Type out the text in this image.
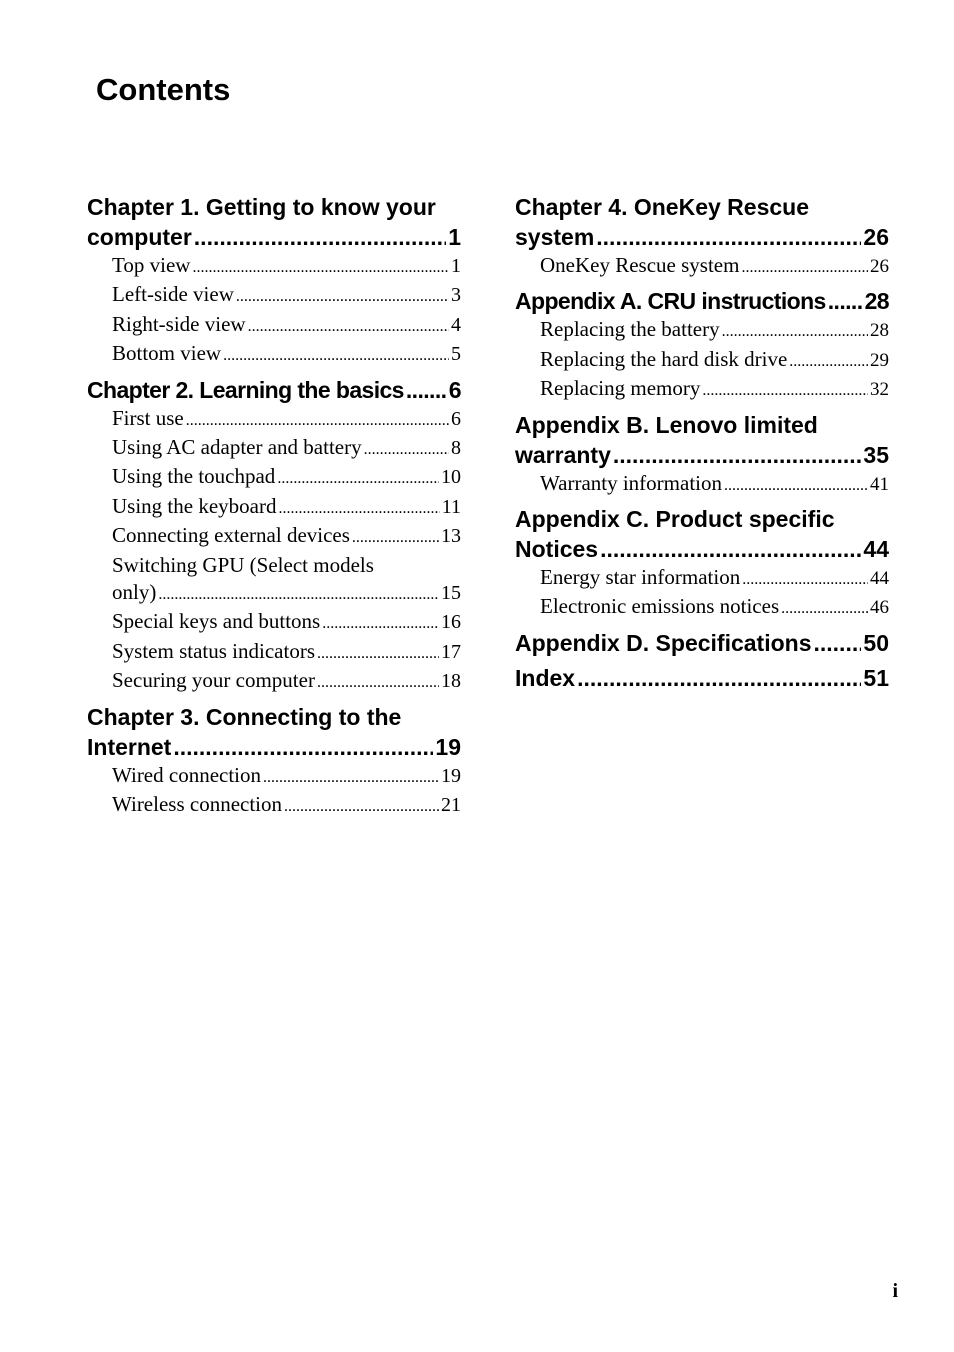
Contents
Chapter 1. Getting to know your
computer .....	1
Top view .....	1
Left-side view .....	3
Right-side view .....	4
Bottom view .....	5
Chapter 2. Learning the basics ..... 6
First use .....	6
Using AC adapter and battery .....	8
Using the touchpad .....	10
Using the keyboard .....	11
Connecting external devices .....	13
Switching GPU (Select models
only) .....	15
Special keys and buttons .....	16
System status indicators .....	17
Securing your computer .....	18
Chapter 3. Connecting to the
Internet .....	19
Wired connection .....	19
Wireless connection .....	21
Chapter 4. OneKey Rescue
system .....	26
OneKey Rescue system .....	26
Appendix A. CRU instructions ..... 28
Replacing the battery .....	28
Replacing the hard disk drive .....	29
Replacing memory .....	32
Appendix B. Lenovo limited
warranty .....	35
Warranty information .....	41
Appendix C. Product specific
Notices .....	44
Energy star information .....	44
Electronic emissions notices .....	46
Appendix D. Specifications ..... 50
Index .....	51
i
